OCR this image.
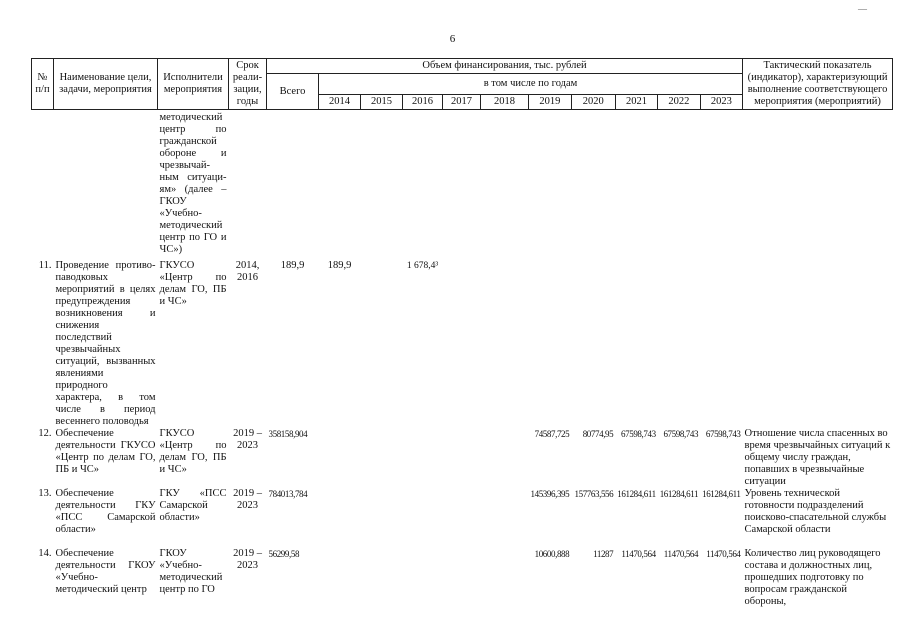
6
―
№ п/п	Наименование цели, задачи, мероприятия	Исполнители мероприятия	Срок реали-зации, годы	Объем финансирования, тыс. рублей											Тактический показатель (индикатор), характеризующий выполнение соответствующего мероприятия (мероприятий)
				Всего	в том числе по годам										
					2014	2015	2016	2017	2018	2019	2020	2021	2022	2023	
		методический центр по гражданской обороне и чрезвычай-ным ситуаци-ям» (далее – ГКОУ «Учебно-методический центр по ГО и ЧС»)													
11.	Проведение противо-паводковых мероприятий в целях предупреждения возникновения и снижения последствий чрезвычайных ситуаций, вызванных явлениями природного характера, в том числе в период весеннего половодья	ГКУСО «Центр по делам ГО, ПБ и ЧС»	2014, 2016	189,9	189,9		1 678,4³								
12.	Обеспечение деятельности ГКУСО «Центр по делам ГО, ПБ и ЧС»	ГКУСО «Центр по делам ГО, ПБ и ЧС»	2019 – 2023	358158,904						74587,725	80774,95	67598,743	67598,743	67598,743	Отношение числа спасенных во время чрезвычайных ситуаций к общему числу граждан, попавших в чрезвычайные ситуации
13.	Обеспечение деятельности ГКУ «ПСС Самарской области»	ГКУ «ПСС Самарской области»	2019 – 2023	784013,784						145396,395	157763,556	161284,611	161284,611	161284,611	Уровень технической готовности подразделений поисково-спасательной службы Самарской области
14.	Обеспечение деятельности ГКОУ «Учебно-методический центр	ГКОУ «Учебно-методический центр по ГО	2019 – 2023	56299,58						10600,888	11287	11470,564	11470,564	11470,564	Количество лиц руководящего состава и должностных лиц, прошедших подготовку по вопросам гражданской обороны,
